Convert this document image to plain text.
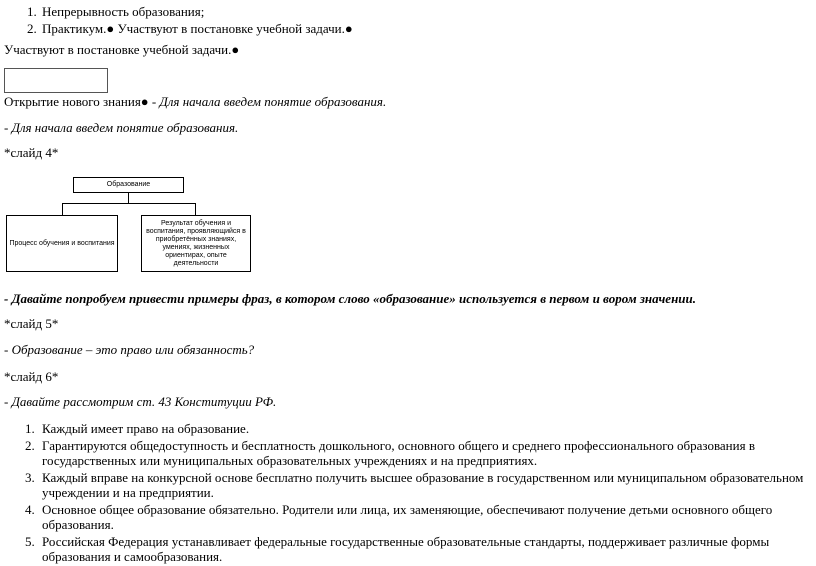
1. Непрерывность образования;
2. Практикум.● Участвуют в постановке учебной задачи.●
Участвуют в постановке учебной задачи.●
Открытие нового знания● - Для начала введем понятие образования.
- Для начала введем понятие образования.
*слайд 4*
Образование
Процесс обучения и воспитания
Результат обучения и воспитания, проявляющийся в приобретённых знаниях, умениях, жизненных ориентирах, опыте деятельности
- Давайте попробуем привести примеры фраз, в котором слово «образование» используется в первом и вором значении.
*слайд 5*
- Образование – это право или обязанность?
*слайд 6*
- Давайте рассмотрим ст. 43 Конституции РФ.
1. Каждый имеет право на образование.
2. Гарантируются общедоступность и бесплатность дошкольного, основного общего и среднего профессионального образования в государственных или муниципальных образовательных учреждениях и на предприятиях.
3. Каждый вправе на конкурсной основе бесплатно получить высшее образование в государственном или муниципальном образовательном учреждении и на предприятии.
4. Основное общее образование обязательно. Родители или лица, их заменяющие, обеспечивают получение детьми основного общего образования.
5. Российская Федерация устанавливает федеральные государственные образовательные стандарты, поддерживает различные формы образования и самообразования.
